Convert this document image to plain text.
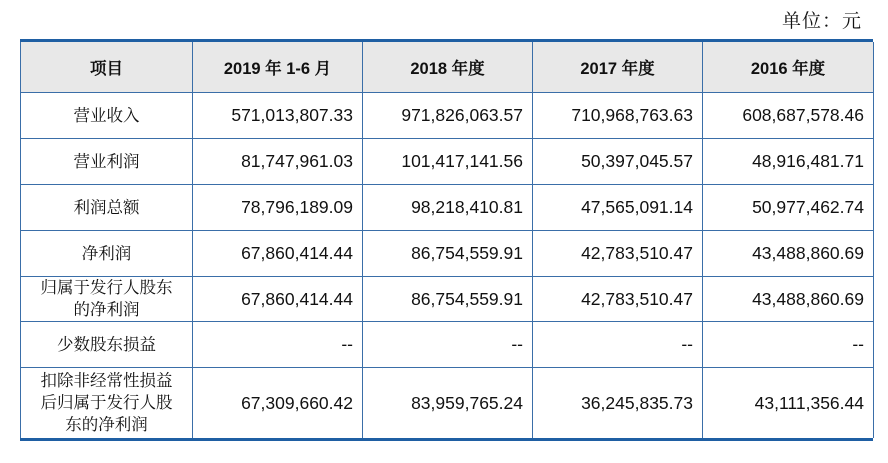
单位：元
项目	2019 年 1-6 月	2018 年度	2017 年度	2016 年度
营业收入	571,013,807.33	971,826,063.57	710,968,763.63	608,687,578.46
营业利润	81,747,961.03	101,417,141.56	50,397,045.57	48,916,481.71
利润总额	78,796,189.09	98,218,410.81	47,565,091.14	50,977,462.74
净利润	67,860,414.44	86,754,559.91	42,783,510.47	43,488,860.69
归属于发行人股东
的净利润	67,860,414.44	86,754,559.91	42,783,510.47	43,488,860.69
少数股东损益	--	--	--	--
扣除非经常性损益
后归属于发行人股
东的净利润	67,309,660.42	83,959,765.24	36,245,835.73	43,111,356.44
